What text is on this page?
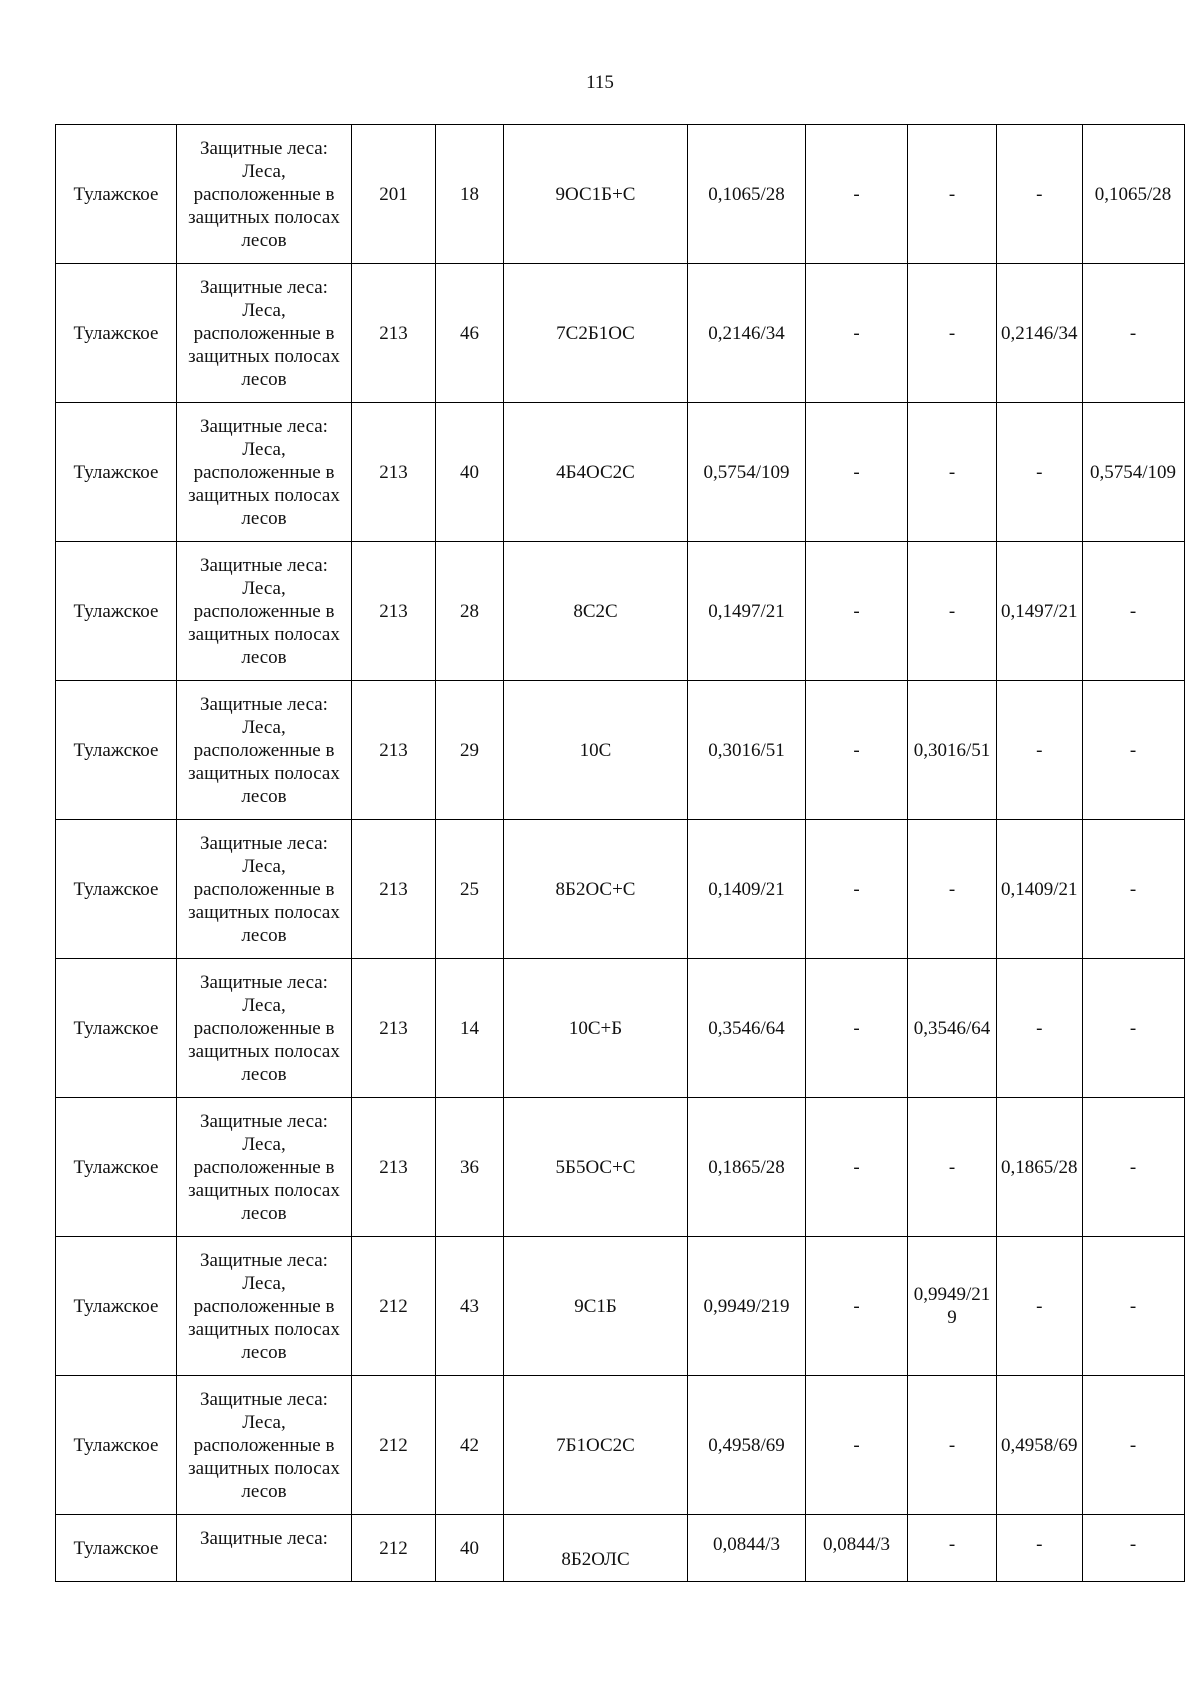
115
Тулажское	Защитные леса: Леса, расположенные в защитных полосах лесов	201	18	9ОС1Б+С	0,1065/28	-	-	-	0,1065/28
Тулажское	Защитные леса: Леса, расположенные в защитных полосах лесов	213	46	7С2Б1ОС	0,2146/34	-	-	0,2146/34	-
Тулажское	Защитные леса: Леса, расположенные в защитных полосах лесов	213	40	4Б4ОС2С	0,5754/109	-	-	-	0,5754/109
Тулажское	Защитные леса: Леса, расположенные в защитных полосах лесов	213	28	8С2С	0,1497/21	-	-	0,1497/21	-
Тулажское	Защитные леса: Леса, расположенные в защитных полосах лесов	213	29	10С	0,3016/51	-	0,3016/51	-	-
Тулажское	Защитные леса: Леса, расположенные в защитных полосах лесов	213	25	8Б2ОС+С	0,1409/21	-	-	0,1409/21	-
Тулажское	Защитные леса: Леса, расположенные в защитных полосах лесов	213	14	10С+Б	0,3546/64	-	0,3546/64	-	-
Тулажское	Защитные леса: Леса, расположенные в защитных полосах лесов	213	36	5Б5ОС+С	0,1865/28	-	-	0,1865/28	-
Тулажское	Защитные леса: Леса, расположенные в защитных полосах лесов	212	43	9С1Б	0,9949/219	-	0,9949/219	-	-
Тулажское	Защитные леса: Леса, расположенные в защитных полосах лесов	212	42	7Б1ОС2С	0,4958/69	-	-	0,4958/69	-
Тулажское	Защитные леса:	212	40	8Б2ОЛС	0,0844/3	0,0844/3	-	-	-
